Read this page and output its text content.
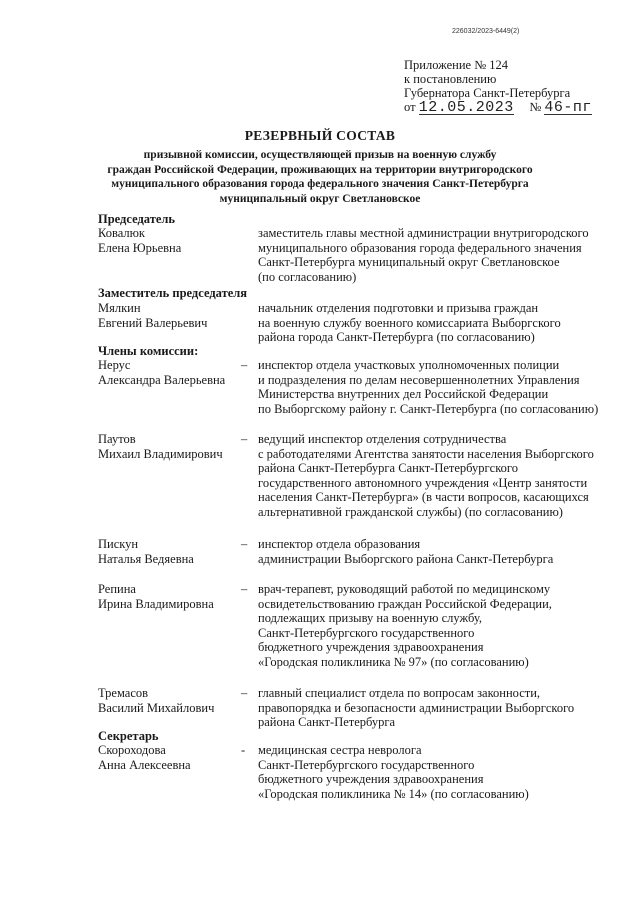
226032/2023-6449(2)
Приложение № 124
к постановлению
Губернатора Санкт-Петербурга
от 12.05.2023 № 46-пг
РЕЗЕРВНЫЙ СОСТАВ
призывной комиссии, осуществляющей призыв на военную службу
граждан Российской Федерации, проживающих на территории внутригородского
муниципального образования города федерального значения Санкт-Петербурга
муниципальный округ Светлановское
Председатель
Ковалюк
Елена Юрьевна
заместитель главы местной администрации внутригородского
муниципального образования города федерального значения
Санкт-Петербурга муниципальный округ Светлановское
(по согласованию)
Заместитель председателя
Мялкин
Евгений Валерьевич
начальник отделения подготовки и призыва граждан
на военную службу военного комиссариата Выборгского
района города Санкт-Петербурга (по согласованию)
Члены комиссии:
Нерус
Александра Валерьевна
– инспектор отдела участковых уполномоченных полиции
и подразделения по делам несовершеннолетних Управления
Министерства внутренних дел Российской Федерации
по Выборгскому району г. Санкт-Петербурга (по согласованию)
Паутов
Михаил Владимирович
– ведущий инспектор отделения сотрудничества
с работодателями Агентства занятости населения Выборгского
района Санкт-Петербурга Санкт-Петербургского
государственного автономного учреждения «Центр занятости
населения Санкт-Петербурга» (в части вопросов, касающихся
альтернативной гражданской службы) (по согласованию)
Пискун
Наталья Ведяевна
– инспектор отдела образования
администрации Выборгского района Санкт-Петербурга
Репина
Ирина Владимировна
– врач-терапевт, руководящий работой по медицинскому
освидетельствованию граждан Российской Федерации,
подлежащих призыву на военную службу,
Санкт-Петербургского государственного
бюджетного учреждения здравоохранения
«Городская поликлиника № 97» (по согласованию)
Тремасов
Василий Михайлович
– главный специалист отдела по вопросам законности,
правопорядка и безопасности администрации Выборгского
района Санкт-Петербурга
Секретарь
Скороходова
Анна Алексеевна
- медицинская сестра невролога
Санкт-Петербургского государственного
бюджетного учреждения здравоохранения
«Городская поликлиника № 14» (по согласованию)
